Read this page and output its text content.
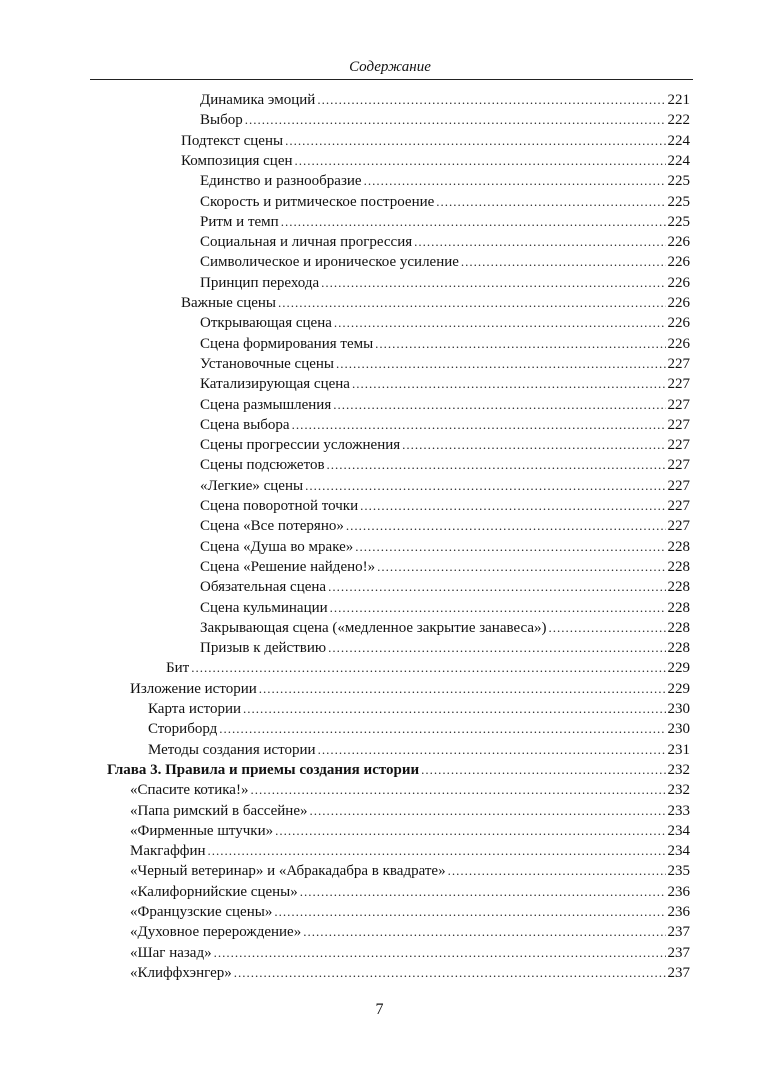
Содержание
Динамика эмоций .....	221
Выбор .....	222
Подтекст сцены .....	224
Композиция сцен .....	224
Единство и разнообразие .....	225
Скорость и ритмическое построение .....	225
Ритм и темп .....	225
Социальная и личная прогрессия .....	226
Символическое и ироническое усиление .....	226
Принцип перехода .....	226
Важные сцены .....	226
Открывающая сцена .....	226
Сцена формирования темы .....	226
Установочные сцены .....	227
Катализирующая сцена .....	227
Сцена размышления .....	227
Сцена выбора .....	227
Сцены прогрессии усложнения .....	227
Сцены подсюжетов .....	227
«Легкие» сцены .....	227
Сцена поворотной точки .....	227
Сцена «Все потеряно» .....	227
Сцена «Душа во мраке» .....	228
Сцена «Решение найдено!» .....	228
Обязательная сцена .....	228
Сцена кульминации .....	228
Закрывающая сцена («медленное закрытие занавеса») .....	228
Призыв к действию .....	228
Бит .....	229
Изложение истории .....	229
Карта истории .....	230
Сториборд .....	230
Методы создания истории .....	231
Глава 3. Правила и приемы создания истории .....	232
«Спасите котика!» .....	232
«Папа римский в бассейне» .....	233
«Фирменные штучки» .....	234
Макгаффин .....	234
«Черный ветеринар» и «Абракадабра в квадрате» .....	235
«Калифорнийские сцены» .....	236
«Французские сцены» .....	236
«Духовное перерождение» .....	237
«Шаг назад» .....	237
«Клиффхэнгер» .....	237
7
